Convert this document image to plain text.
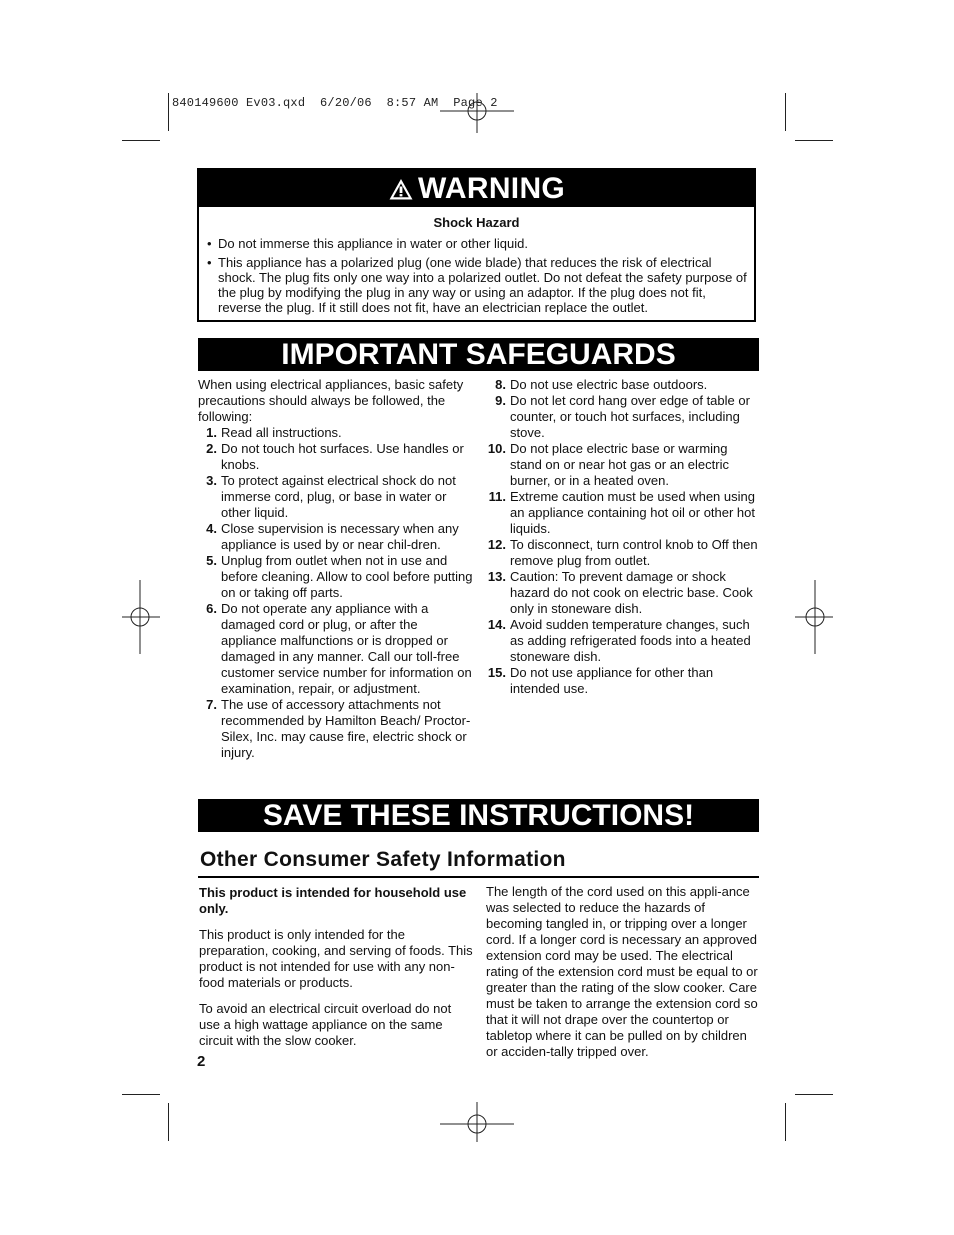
840149600 Ev03.qxd  6/20/06  8:57 AM  Page 2
WARNING
Shock Hazard
• Do not immerse this appliance in water or other liquid.
• This appliance has a polarized plug (one wide blade) that reduces the risk of electrical shock. The plug fits only one way into a polarized outlet. Do not defeat the safety purpose of the plug by modifying the plug in any way or using an adaptor. If the plug does not fit, reverse the plug. If it still does not fit, have an electrician replace the outlet.
IMPORTANT SAFEGUARDS

When using electrical appliances, basic safety precautions should always be followed, the following:

1. Read all instructions.
2. Do not touch hot surfaces. Use handles or knobs.
3. To protect against electrical shock do not immerse cord, plug, or base in water or other liquid.
4. Close supervision is necessary when any appliance is used by or near chil-dren.
5. Unplug from outlet when not in use and before cleaning. Allow to cool before putting on or taking off parts.
6. Do not operate any appliance with a damaged cord or plug, or after the appliance malfunctions or is dropped or damaged in any manner. Call our toll-free customer service number for information on examination, repair, or adjustment.
7. The use of accessory attachments not recommended by Hamilton Beach/ Proctor-Silex, Inc. may cause fire, electric shock or injury.
8. Do not use electric base outdoors.
9. Do not let cord hang over edge of table or counter, or touch hot surfaces, including stove.
10. Do not place electric base or warming stand on or near hot gas or an electric burner, or in a heated oven.
11. Extreme caution must be used when using an appliance containing hot oil or other hot liquids.
12. To disconnect, turn control knob to Off then remove plug from outlet.
13. Caution: To prevent damage or shock hazard do not cook on electric base. Cook only in stoneware dish.
14. Avoid sudden temperature changes, such as adding refrigerated foods into a heated stoneware dish.
15. Do not use appliance for other than intended use.
SAVE THESE INSTRUCTIONS!
Other Consumer Safety Information

This product is intended for household use only.

This product is only intended for the preparation, cooking, and serving of foods. This product is not intended for use with any non-food materials or products.

To avoid an electrical circuit overload do not use a high wattage appliance on the same circuit with the slow cooker.

The length of the cord used on this appli-ance was selected to reduce the hazards of becoming tangled in, or tripping over a longer cord. If a longer cord is necessary an approved extension cord may be used. The electrical rating of the extension cord must be equal to or greater than the rating of the slow cooker. Care must be taken to arrange the extension cord so that it will not drape over the countertop or tabletop where it can be pulled on by children or acciden-tally tripped over.

2
